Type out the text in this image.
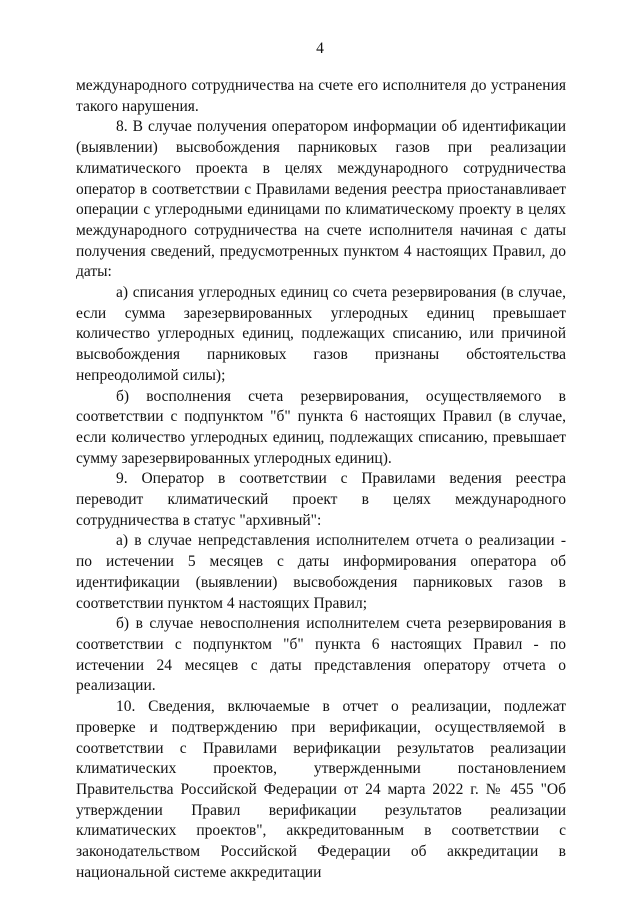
4

международного сотрудничества на счете его исполнителя до устранения такого нарушения.

8. В случае получения оператором информации об идентификации (выявлении) высвобождения парниковых газов при реализации климатического проекта в целях международного сотрудничества оператор в соответствии с Правилами ведения реестра приостанавливает операции с углеродными единицами по климатическому проекту в целях международного сотрудничества на счете исполнителя начиная с даты получения сведений, предусмотренных пунктом 4 настоящих Правил, до даты:

а) списания углеродных единиц со счета резервирования (в случае, если сумма зарезервированных углеродных единиц превышает количество углеродных единиц, подлежащих списанию, или причиной высвобождения парниковых газов признаны обстоятельства непреодолимой силы);

б) восполнения счета резервирования, осуществляемого в соответствии с подпунктом "б" пункта 6 настоящих Правил (в случае, если количество углеродных единиц, подлежащих списанию, превышает сумму зарезервированных углеродных единиц).

9. Оператор в соответствии с Правилами ведения реестра переводит климатический проект в целях международного сотрудничества в статус "архивный":

а) в случае непредставления исполнителем отчета о реализации - по истечении 5 месяцев с даты информирования оператора об идентификации (выявлении) высвобождения парниковых газов в соответствии пунктом 4 настоящих Правил;

б) в случае невосполнения исполнителем счета резервирования в соответствии с подпунктом "б" пункта 6 настоящих Правил - по истечении 24 месяцев с даты представления оператору отчета о реализации.

10. Сведения, включаемые в отчет о реализации, подлежат проверке и подтверждению при верификации, осуществляемой в соответствии с Правилами верификации результатов реализации климатических проектов, утвержденными постановлением Правительства Российской Федерации от 24 марта 2022 г. № 455 "Об утверждении Правил верификации результатов реализации климатических проектов", аккредитованным в соответствии с законодательством Российской Федерации об аккредитации в национальной системе аккредитации
